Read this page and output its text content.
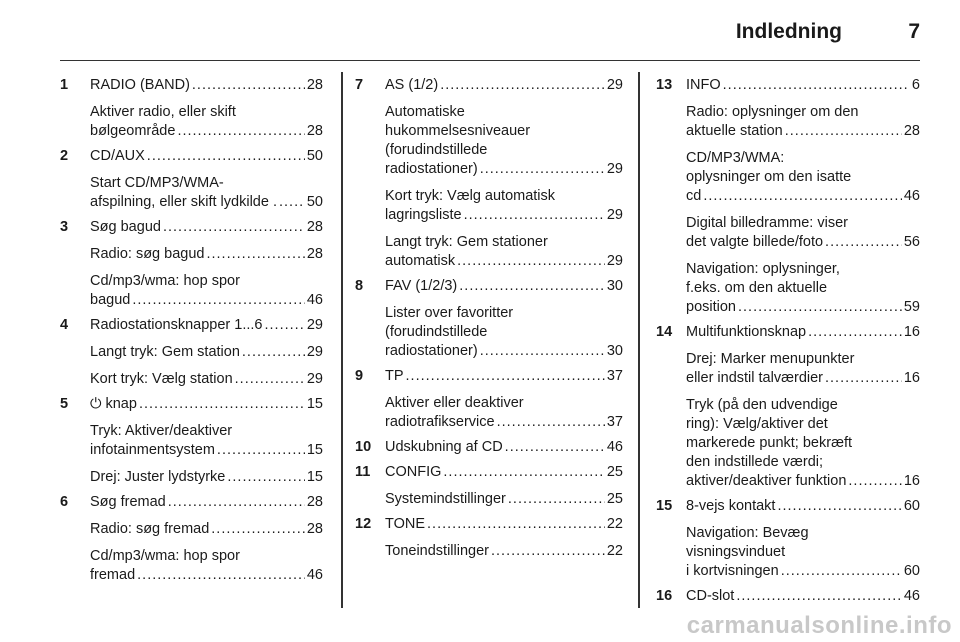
Indledning	7
1 RADIO (BAND) .....	28
Aktiver radio, eller skift
bølgeområde .....	28
2 CD/AUX .....	50
Start CD/MP3/WMA-
afspilning, eller skift lydkilde . ..... 50
3 Søg bagud .....	28
Radio: søg bagud .....	28
Cd/mp3/wma: hop spor
bagud .....	46
4 Radiostationsknapper 1...6 .....	29
Langt tryk: Gem station .....	29
Kort tryk: Vælg station .....	29
5 ⏻ knap .....	15
Tryk: Aktiver/deaktiver
infotainmentsystem .....	15
Drej: Juster lydstyrke .....	15
6 Søg fremad .....	28
Radio: søg fremad .....	28
Cd/mp3/wma: hop spor
fremad .....	46
7 AS (1/2) .....	29
Automatiske
hukommelsesniveauer
(forudindstillede
radiostationer) .....	29
Kort tryk: Vælg automatisk
lagringsliste .....	29
Langt tryk: Gem stationer
automatisk .....	29
8 FAV (1/2/3) .....	30
Lister over favoritter
(forudindstillede
radiostationer) .....	30
9 TP .....	37
Aktiver eller deaktiver
radiotrafikservice .....	37
10 Udskubning af CD .....	46
11 CONFIG .....	25
Systemindstillinger .....	25
12 TONE .....	22
Toneindstillinger .....	22
13 INFO .....	6
Radio: oplysninger om den
aktuelle station .....	28
CD/MP3/WMA:
oplysninger om den isatte
cd .....	46
Digital billedramme: viser
det valgte billede/foto .....	56
Navigation: oplysninger,
f.eks. om den aktuelle
position .....	59
14 Multifunktionsknap .....	16
Drej: Marker menupunkter
eller indstil talværdier .....	16
Tryk (på den udvendige
ring): Vælg/aktiver det
markerede punkt; bekræft
den indstillede værdi;
aktiver/deaktiver funktion .....	16
15 8-vejs kontakt .....	60
Navigation: Bevæg
visningsvinduet
i kortvisningen .....	60
16 CD-slot .....	46
carmanualsonline.info
